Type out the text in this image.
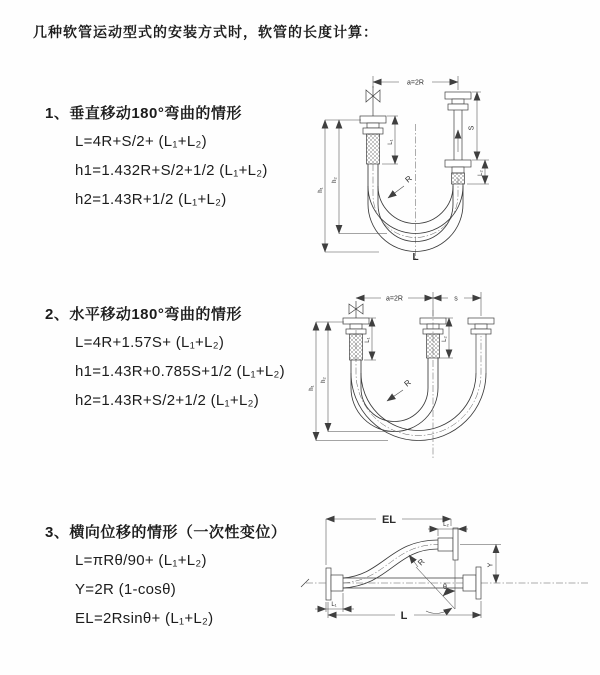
几种软管运动型式的安装方式时，软管的长度计算：
1、垂直移动180°弯曲的情形
L=4R+S/2+ (L₁+L₂)
h1=1.432R+S/2+1/2 (L₁+L₂)
h2=1.43R+1/2 (L₁+L₂)
a=2R
h₁
h₂
L₁
S
L₂
R
L
2、水平移动180°弯曲的情形
L=4R+1.57S+ (L₁+L₂)
h1=1.43R+0.785S+1/2 (L₁+L₂)
h2=1.43R+S/2+1/2 (L₁+L₂)
a=2R	s
h₁
h₂
L₁	L₂
R
3、横向位移的情形（一次性变位）
L=πRθ/90+ (L₁+L₂)
Y=2R (1-cosθ)
EL=2Rsinθ+ (L₁+L₂)
EL	L₂
Y
R
θ
L₁
L
